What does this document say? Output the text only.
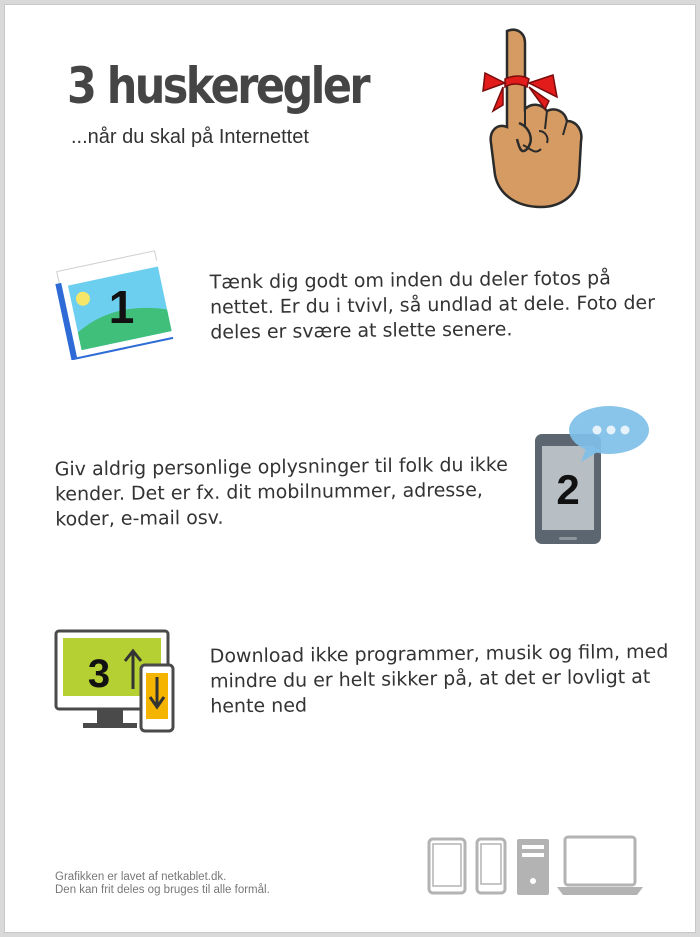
3 huskeregler
...når du skal på Internettet
1
Tænk dig godt om inden du deler fotos på nettet. Er du i tvivl, så undlad at dele. Foto der deles er svære at slette senere.
2
Giv aldrig personlige oplysninger til folk du ikke kender. Det er fx. dit mobilnummer, adresse, koder, e-mail osv.
3	Download ikke programmer, musik og film, med mindre du er helt sikker på, at det er lovligt at hente ned
Grafikken er lavet af netkablet.dk.
Den kan frit deles og bruges til alle formål.
